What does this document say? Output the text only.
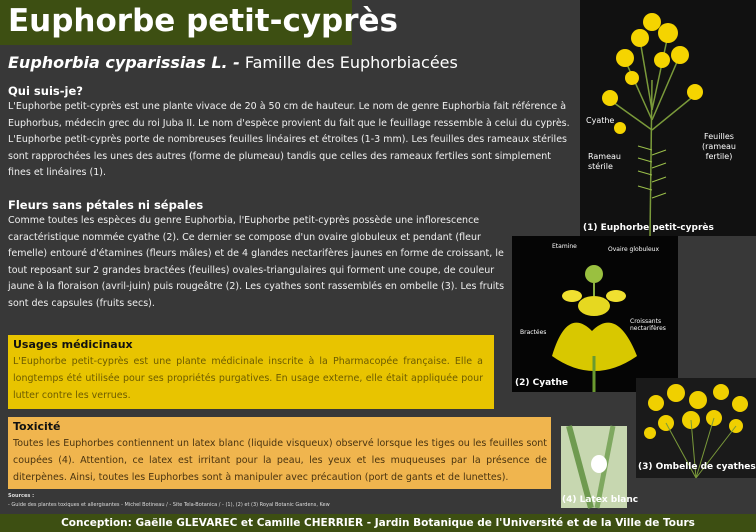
Euphorbe petit-cyprès
Euphorbia cyparissias L. - Famille des Euphorbiacées
Qui suis-je?
L'Euphorbe petit-cyprès est une plante vivace de 20 à 50 cm de hauteur. Le nom de genre Euphorbia fait référence à
Euphorbus, médecin grec du roi Juba II. Le nom d'espèce provient du fait que le feuillage ressemble à celui du cyprès.
L'Euphorbe petit-cyprès porte de nombreuses feuilles linéaires et étroites (1-3 mm). Les feuilles des rameaux stériles
sont rapprochées les unes des autres (forme de plumeau) tandis que celles des rameaux fertiles sont simplement
fines et linéaires (1).
Fleurs sans pétales ni sépales
Comme toutes les espèces du genre Euphorbia, l'Euphorbe petit-cyprès possède une inflorescence
caractéristique nommée cyathe (2). Ce dernier se compose d'un ovaire globuleux et pendant (fleur
femelle) entouré d'étamines (fleurs mâles) et de 4 glandes nectarifères jaunes en forme de croissant, le
tout reposant sur 2 grandes bractées (feuilles) ovales-triangulaires qui forment une coupe, de couleur
jaune à la floraison (avril-juin) puis rougeâtre (2). Les cyathes sont rassemblés en ombelle (3). Les fruits
sont des capsules (fruits secs).
Usages médicinaux
L'Euphorbe petit-cyprès est une plante médicinale inscrite à la Pharmacopée française. Elle a longtemps été utilisée pour ses propriétés purgatives. En usage externe, elle était appliquée pour lutter contre les verrues.
Toxicité
Toutes les Euphorbes contiennent un latex blanc (liquide visqueux) observé lorsque les tiges ou les feuilles sont coupées (4). Attention, ce latex est irritant pour la peau, les yeux et les muqueuses par la présence de diterpènes. Ainsi, toutes les Euphorbes sont à manipuler avec précaution (port de gants et de lunettes).
Sources :
- Guide des plantes toxiques et allergisantes - Michel Botineau / - Site Tela-Botanica / - (1), (2) et (3) Royal Botanic Gardens, Kew
Cyathe
Rameau
stérile
Feuilles
(rameau
fertile)
(1) Euphorbe petit-cyprès
Etamine	Ovaire globuleux
Croissants
nectarifères
Bractées
(2) Cyathe
(3) Ombelle de cyathes
(4) Latex blanc
Conception: Gaëlle GLEVAREC et Camille CHERRIER - Jardin Botanique de l'Université et de la Ville de Tours
